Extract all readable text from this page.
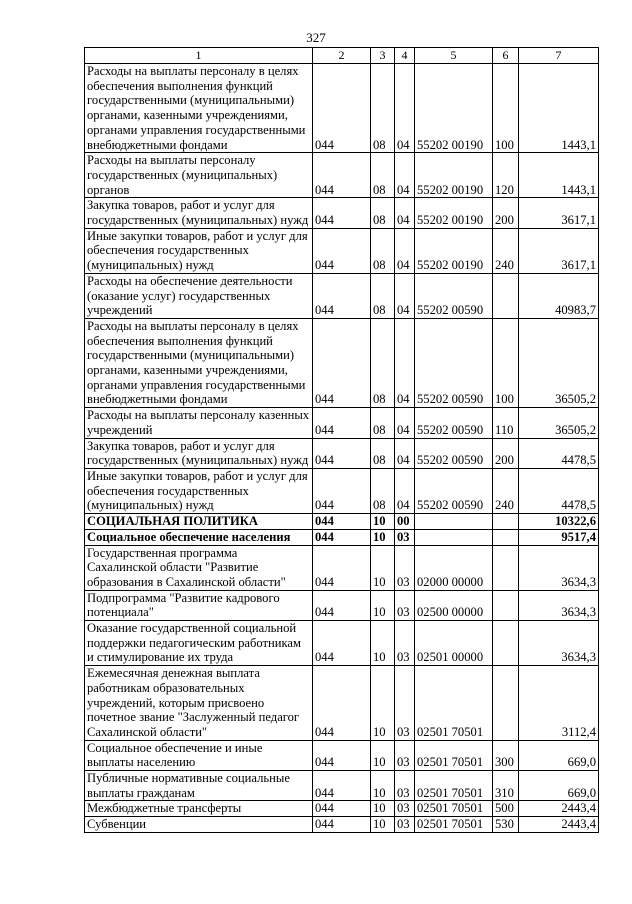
327
1	2	3	4	5	6	7
Расходы на выплаты персоналу в целях обеспечения выполнения функций государственными (муниципальными) органами, казенными учреждениями, органами управления государственными внебюджетными фондами	044	08	04	55202 00190	100	1443,1
Расходы на выплаты персоналу государственных (муниципальных) органов	044	08	04	55202 00190	120	1443,1
Закупка товаров, работ и услуг для государственных (муниципальных) нужд	044	08	04	55202 00190	200	3617,1
Иные закупки товаров, работ и услуг для обеспечения государственных (муниципальных) нужд	044	08	04	55202 00190	240	3617,1
Расходы на обеспечение деятельности (оказание услуг) государственных учреждений	044	08	04	55202 00590		40983,7
Расходы на выплаты персоналу в целях обеспечения выполнения функций государственными (муниципальными) органами, казенными учреждениями, органами управления государственными внебюджетными фондами	044	08	04	55202 00590	100	36505,2
Расходы на выплаты персоналу казенных учреждений	044	08	04	55202 00590	110	36505,2
Закупка товаров, работ и услуг для государственных (муниципальных) нужд	044	08	04	55202 00590	200	4478,5
Иные закупки товаров, работ и услуг для обеспечения государственных (муниципальных) нужд	044	08	04	55202 00590	240	4478,5
СОЦИАЛЬНАЯ ПОЛИТИКА	044	10	00			10322,6
Социальное обеспечение населения	044	10	03			9517,4
Государственная программа Сахалинской области "Развитие образования в Сахалинской области"	044	10	03	02000 00000		3634,3
Подпрограмма "Развитие кадрового потенциала"	044	10	03	02500 00000		3634,3
Оказание государственной социальной поддержки педагогическим работникам и стимулирование их труда	044	10	03	02501 00000		3634,3
Ежемесячная денежная выплата работникам образовательных учреждений, которым присвоено почетное звание "Заслуженный педагог Сахалинской области"	044	10	03	02501 70501		3112,4
Социальное обеспечение и иные выплаты населению	044	10	03	02501 70501	300	669,0
Публичные нормативные социальные выплаты гражданам	044	10	03	02501 70501	310	669,0
Межбюджетные трансферты	044	10	03	02501 70501	500	2443,4
Субвенции	044	10	03	02501 70501	530	2443,4
